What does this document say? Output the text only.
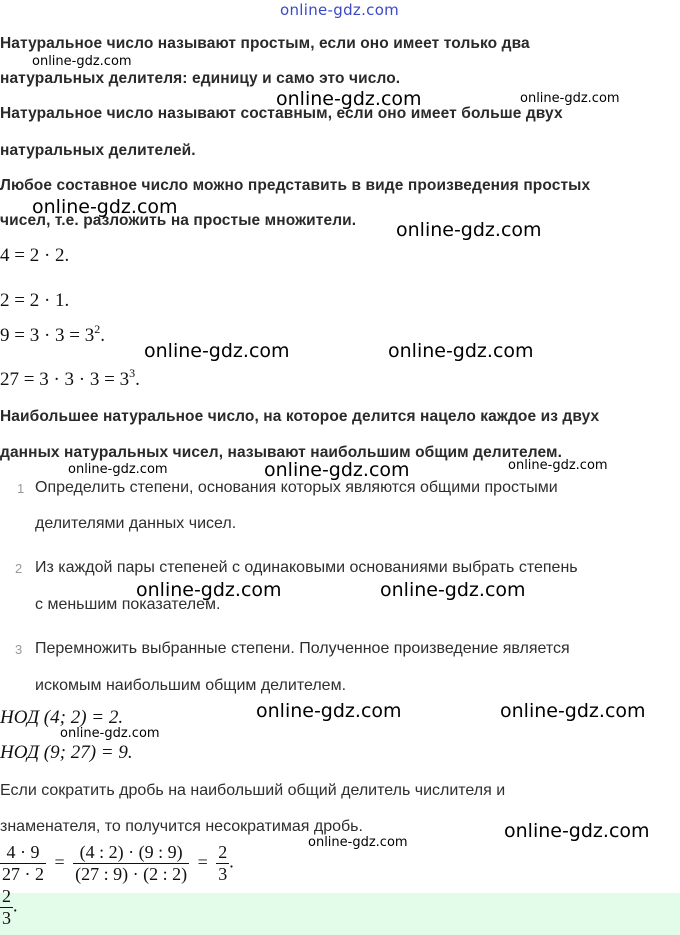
online-gdz.com
Натуральное число называют простым, если оно имеет только два
натуральных делителя: единицу и само это число.
Натуральное число называют составным, если оно имеет больше двух
натуральных делителей.
Любое составное число можно представить в виде произведения простых
чисел, т.е. разложить на простые множители.
4 = 2 · 2.
2 = 2 · 1.
$9 = 3 \cdot 3 = 3^2$.
$27 = 3 \cdot 3 \cdot 3 = 3^3$.
Наибольшее натуральное число, на которое делится нацело каждое из двух
данных натуральных чисел, называют наибольшим общим делителем.
1 Определить степени, основания которых являются общими простыми
делителями данных чисел.
2 Из каждой пары степеней с одинаковыми основаниями выбрать степень
с меньшим показателем.
3 Перемножить выбранные степени. Полученное произведение является
искомым наибольшим общим делителем.
НОД (4; 2) = 2.
НОД (9; 27) = 9.
Если сократить дробь на наибольший общий делитель числителя и
знаменателя, то получится несократимая дробь.
$\frac{4 \cdot 9}{27 \cdot 2} = \frac{(4 : 2) \cdot (9 : 9)}{(27 : 9) \cdot (2 : 2)} = \frac{2}{3}$ .
$\frac{2}{3}$ .
online-gdz.com
online-gdz.com	online-gdz.com
online-gdz.com
online-gdz.com
online-gdz.com	online-gdz.com
online-gdz.com	online-gdz.com	online-gdz.com
online-gdz.com	online-gdz.com
online-gdz.com	online-gdz.com
online-gdz.com
online-gdz.com
online-gdz.com
